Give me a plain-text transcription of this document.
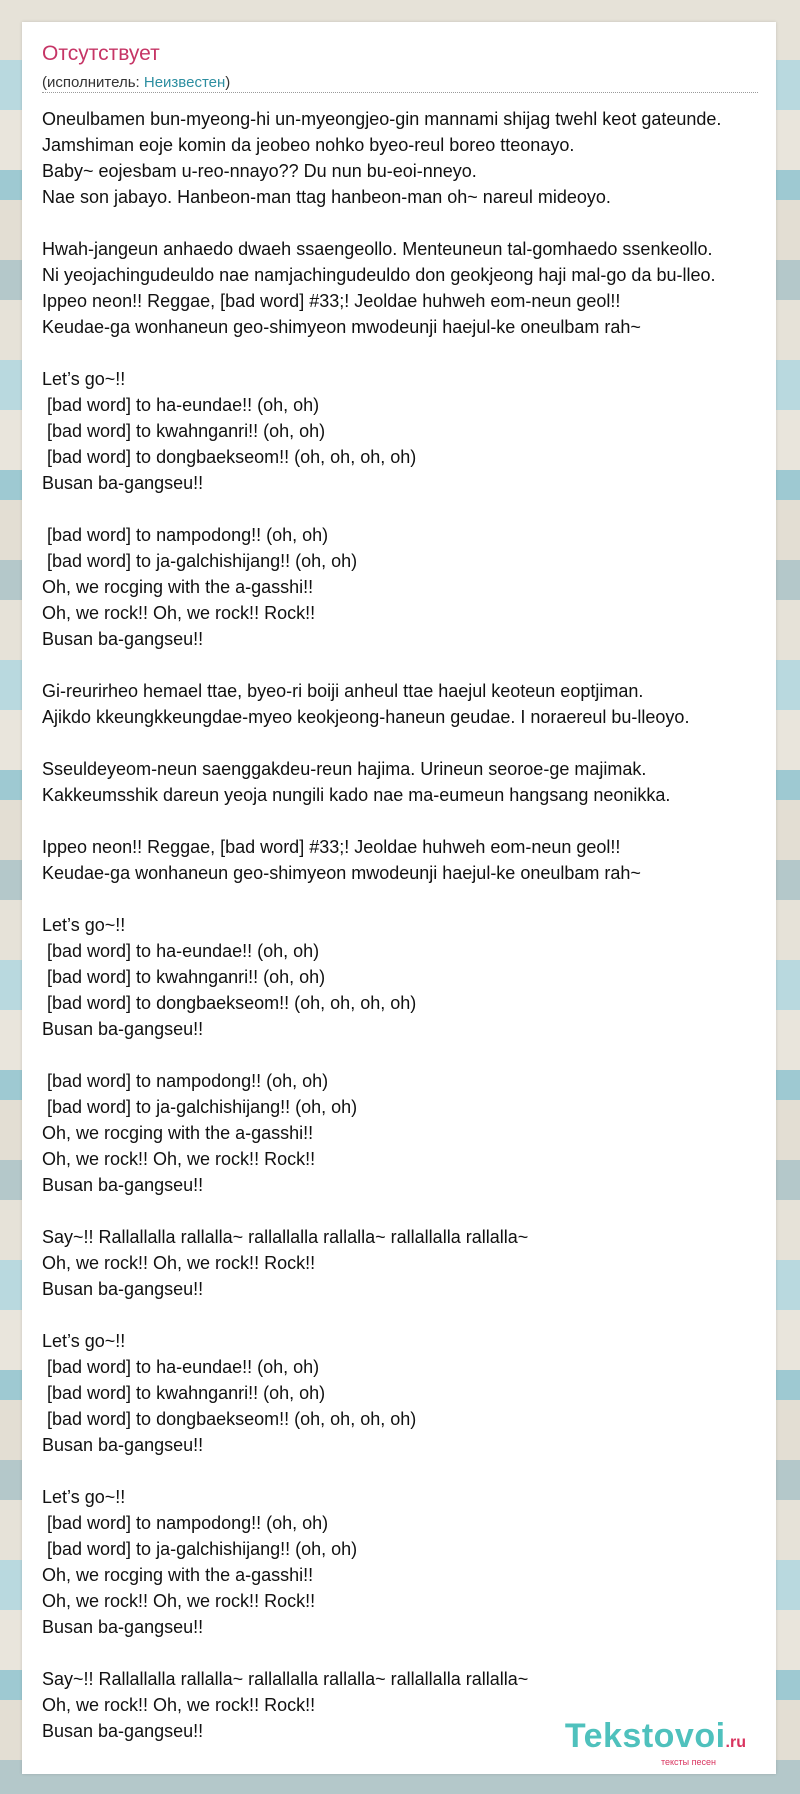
Отсутствует
(исполнитель: Неизвестен)
Oneulbamen bun-myeong-hi un-myeongjeo-gin mannami shijag twehl keot gateunde.
Jamshiman eoje komin da jeobeo nohko byeo-reul boreo tteonayo.
Baby~ eojesbam u-reo-nnayo?? Du nun bu-eoi-nneyo.
Nae son jabayo. Hanbeon-man ttag hanbeon-man oh~ nareul mideoyo.

Hwah-jangeun anhaedo dwaeh ssaengeollo. Menteuneun tal-gomhaedo ssenkeollo.
Ni yeojachingudeuldo nae namjachingudeuldo don geokjeong haji mal-go da bu-lleo.
Ippeo neon!! Reggae, [bad word] #33;! Jeoldae huhweh eom-neun geol!!
Keudae-ga wonhaneun geo-shimyeon mwodeunji haejul-ke oneulbam rah~

Let’s go~!!
[bad word] to ha-eundae!! (oh, oh)
[bad word] to kwahnganri!! (oh, oh)
[bad word] to dongbaekseom!! (oh, oh, oh, oh)
Busan ba-gangseu!!

[bad word] to nampodong!! (oh, oh)
[bad word] to ja-galchishijang!! (oh, oh)
Oh, we rocging with the a-gasshi!!
Oh, we rock!! Oh, we rock!! Rock!!
Busan ba-gangseu!!

Gi-reurirheo hemael ttae, byeo-ri boiji anheul ttae haejul keoteun eoptjiman.
Ajikdo kkeungkkeungdae-myeo keokjeong-haneun geudae. I noraereul bu-lleoyo.

Sseuldeyeom-neun saenggakdeu-reun hajima. Urineun seoroe-ge majimak.
Kakkeumsshik dareun yeoja nungili kado nae ma-eumeun hangsang neonikka.

Ippeo neon!! Reggae, [bad word] #33;! Jeoldae huhweh eom-neun geol!!
Keudae-ga wonhaneun geo-shimyeon mwodeunji haejul-ke oneulbam rah~

Let’s go~!!
[bad word] to ha-eundae!! (oh, oh)
[bad word] to kwahnganri!! (oh, oh)
[bad word] to dongbaekseom!! (oh, oh, oh, oh)
Busan ba-gangseu!!

[bad word] to nampodong!! (oh, oh)
[bad word] to ja-galchishijang!! (oh, oh)
Oh, we rocging with the a-gasshi!!
Oh, we rock!! Oh, we rock!! Rock!!
Busan ba-gangseu!!

Say~!! Rallallalla rallalla~ rallallalla rallalla~ rallallalla rallalla~
Oh, we rock!! Oh, we rock!! Rock!!
Busan ba-gangseu!!

Let’s go~!!
[bad word] to ha-eundae!! (oh, oh)
[bad word] to kwahnganri!! (oh, oh)
[bad word] to dongbaekseom!! (oh, oh, oh, oh)
Busan ba-gangseu!!

Let’s go~!!
[bad word] to nampodong!! (oh, oh)
[bad word] to ja-galchishijang!! (oh, oh)
Oh, we rocging with the a-gasshi!!
Oh, we rock!! Oh, we rock!! Rock!!
Busan ba-gangseu!!

Say~!! Rallallalla rallalla~ rallallalla rallalla~ rallallalla rallalla~
Oh, we rock!! Oh, we rock!! Rock!!
Busan ba-gangseu!!	Tekstovoi.ru
тексты песен
